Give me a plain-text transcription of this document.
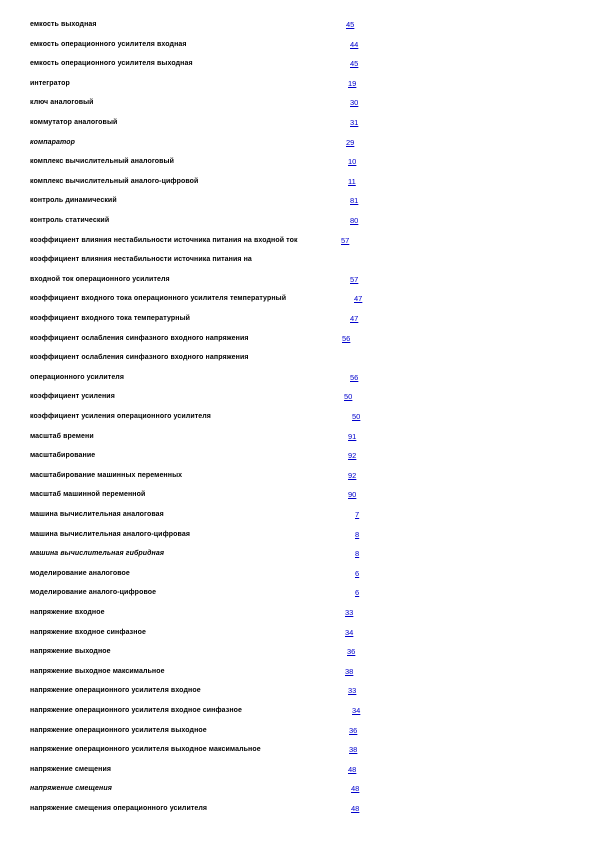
емкость выходная	45
емкость операционного усилителя входная	44
емкость операционного усилителя выходная	45
интегратор	19
ключ аналоговый	30
коммутатор аналоговый	31
компаратор	29
комплекс вычислительный аналоговый	10
комплекс вычислительный аналого-цифровой	11
контроль динамический	81
контроль статический	80
коэффициент влияния нестабильности источника питания на входной ток	57
коэффициент влияния нестабильности источника питания на
входной ток операционного усилителя	57
коэффициент входного тока операционного усилителя температурный	47
коэффициент входного тока температурный	47
коэффициент ослабления синфазного входного напряжения	56
коэффициент ослабления синфазного входного напряжения
операционного усилителя	56
коэффициент усиления	50
коэффициент усиления операционного усилителя	50
масштаб времени	91
масштабирование	92
масштабирование машинных переменных	92
масштаб машинной переменной	90
машина вычислительная аналоговая	7
машина вычислительная аналого-цифровая	8
машина вычислительная гибридная	8
моделирование аналоговое	6
моделирование аналого-цифровое	6
напряжение входное	33
напряжение входное синфазное	34
напряжение выходное	36
напряжение выходное максимальное	38
напряжение операционного усилителя входное	33
напряжение операционного усилителя входное синфазное	34
напряжение операционного усилителя выходное	36
напряжение операционного усилителя выходное максимальное	38
напряжение смещения	48
напряжение смещения	48
напряжение смещения операционного усилителя	48
